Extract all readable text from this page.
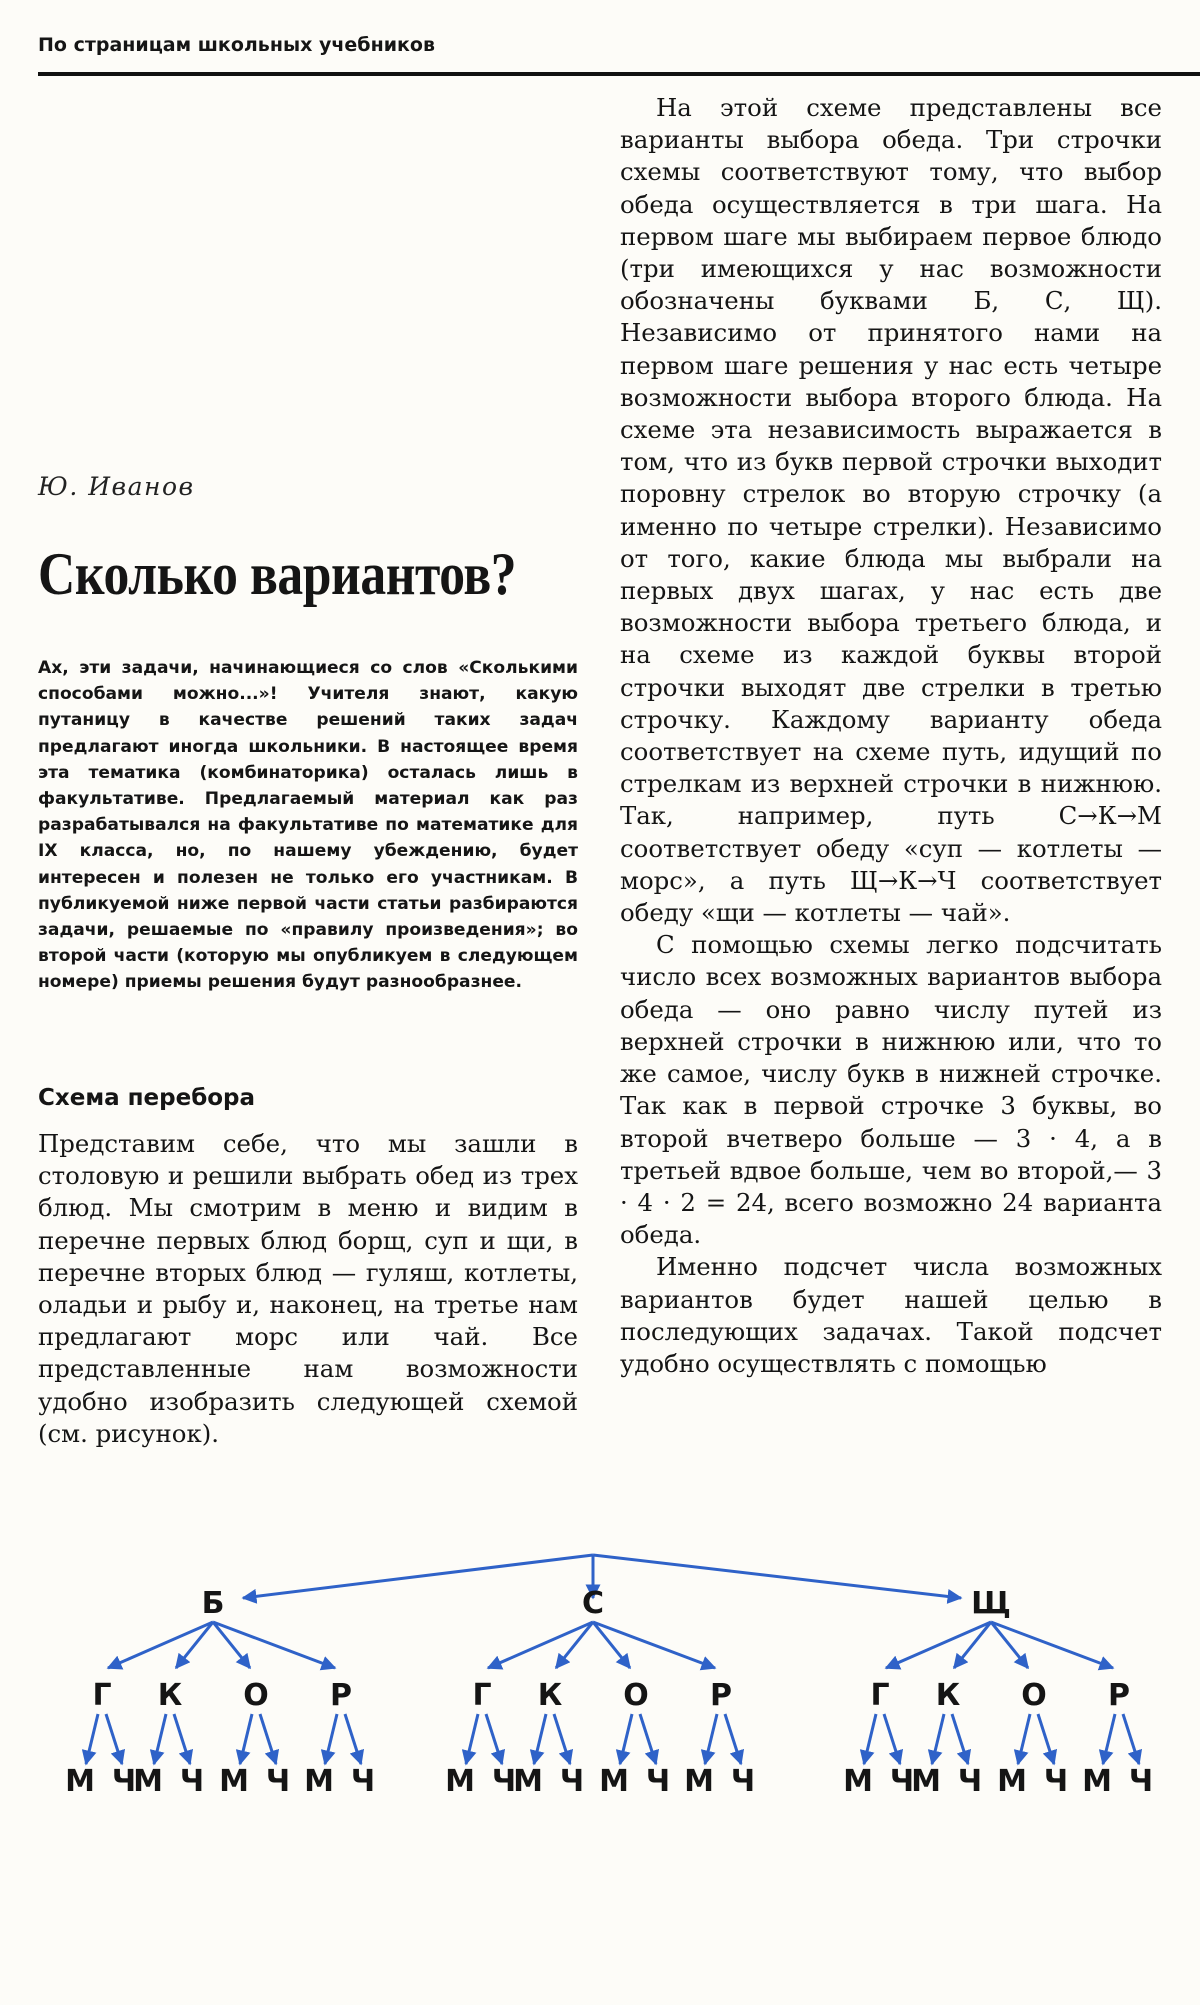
По страницам школьных учебников
Ю. Иванов
Сколько вариантов?
Ах, эти задачи, начинающиеся со слов «Сколькими способами можно...»! Учителя знают, какую путаницу в качестве решений таких задач предлагают иногда школьники. В настоящее время эта тематика (комбинаторика) осталась лишь в факультативе. Предлагаемый материал как раз разрабатывался на факультативе по математике для IX класса, но, по нашему убеждению, будет интересен и полезен не только его участникам. В публикуемой ниже первой части статьи разбираются задачи, решаемые по «правилу произведения»; во второй части (которую мы опубликуем в следующем номере) приемы решения будут разнообразнее.
Схема перебора

Представим себе, что мы зашли в столовую и решили выбрать обед из трех блюд. Мы смотрим в меню и видим в перечне первых блюд борщ, суп и щи, в перечне вторых блюд — гуляш, котлеты, оладьи и рыбу и, наконец, на третье нам предлагают морс или чай. Все представленные нам возможности удобно изобразить следующей схемой (см. рисунок).

На этой схеме представлены все варианты выбора обеда. Три строчки схемы соответствуют тому, что выбор обеда осуществляется в три шага. На первом шаге мы выбираем первое блюдо (три имеющихся у нас возможности обозначены буквами Б, С, Щ). Независимо от принятого нами на первом шаге решения у нас есть четыре возможности выбора второго блюда. На схеме эта независимость выражается в том, что из букв первой строчки выходит поровну стрелок во вторую строчку (а именно по четыре стрелки). Независимо от того, какие блюда мы выбрали на первых двух шагах, у нас есть две возможности выбора третьего блюда, и на схеме из каждой буквы второй строчки выходят две стрелки в третью строчку. Каждому варианту обеда соответствует на схеме путь, идущий по стрелкам из верхней строчки в нижнюю. Так, например, путь С→К→М соответствует обеду «суп — котлеты — морс», а путь Щ→К→Ч соответствует обеду «щи — котлеты — чай».

С помощью схемы легко подсчитать число всех возможных вариантов выбора обеда — оно равно числу путей из верхней строчки в нижнюю или, что то же самое, числу букв в нижней строчке. Так как в первой строчке 3 буквы, во второй вчетверо больше — 3 · 4, а в третьей вдвое больше, чем во второй,— 3 · 4 · 2 = 24, всего возможно 24 варианта обеда.

Именно подсчет числа возможных вариантов будет нашей целью в последующих задачах. Такой подсчет удобно осуществлять с помощью

Б
Г
М Ч
К
М Ч
О
М Ч
Р
М Ч
С
Г
М Ч
К
М Ч
О
М Ч
Р
М Ч
Щ
Г
М Ч
К
М Ч
О
М Ч
Р
М Ч
